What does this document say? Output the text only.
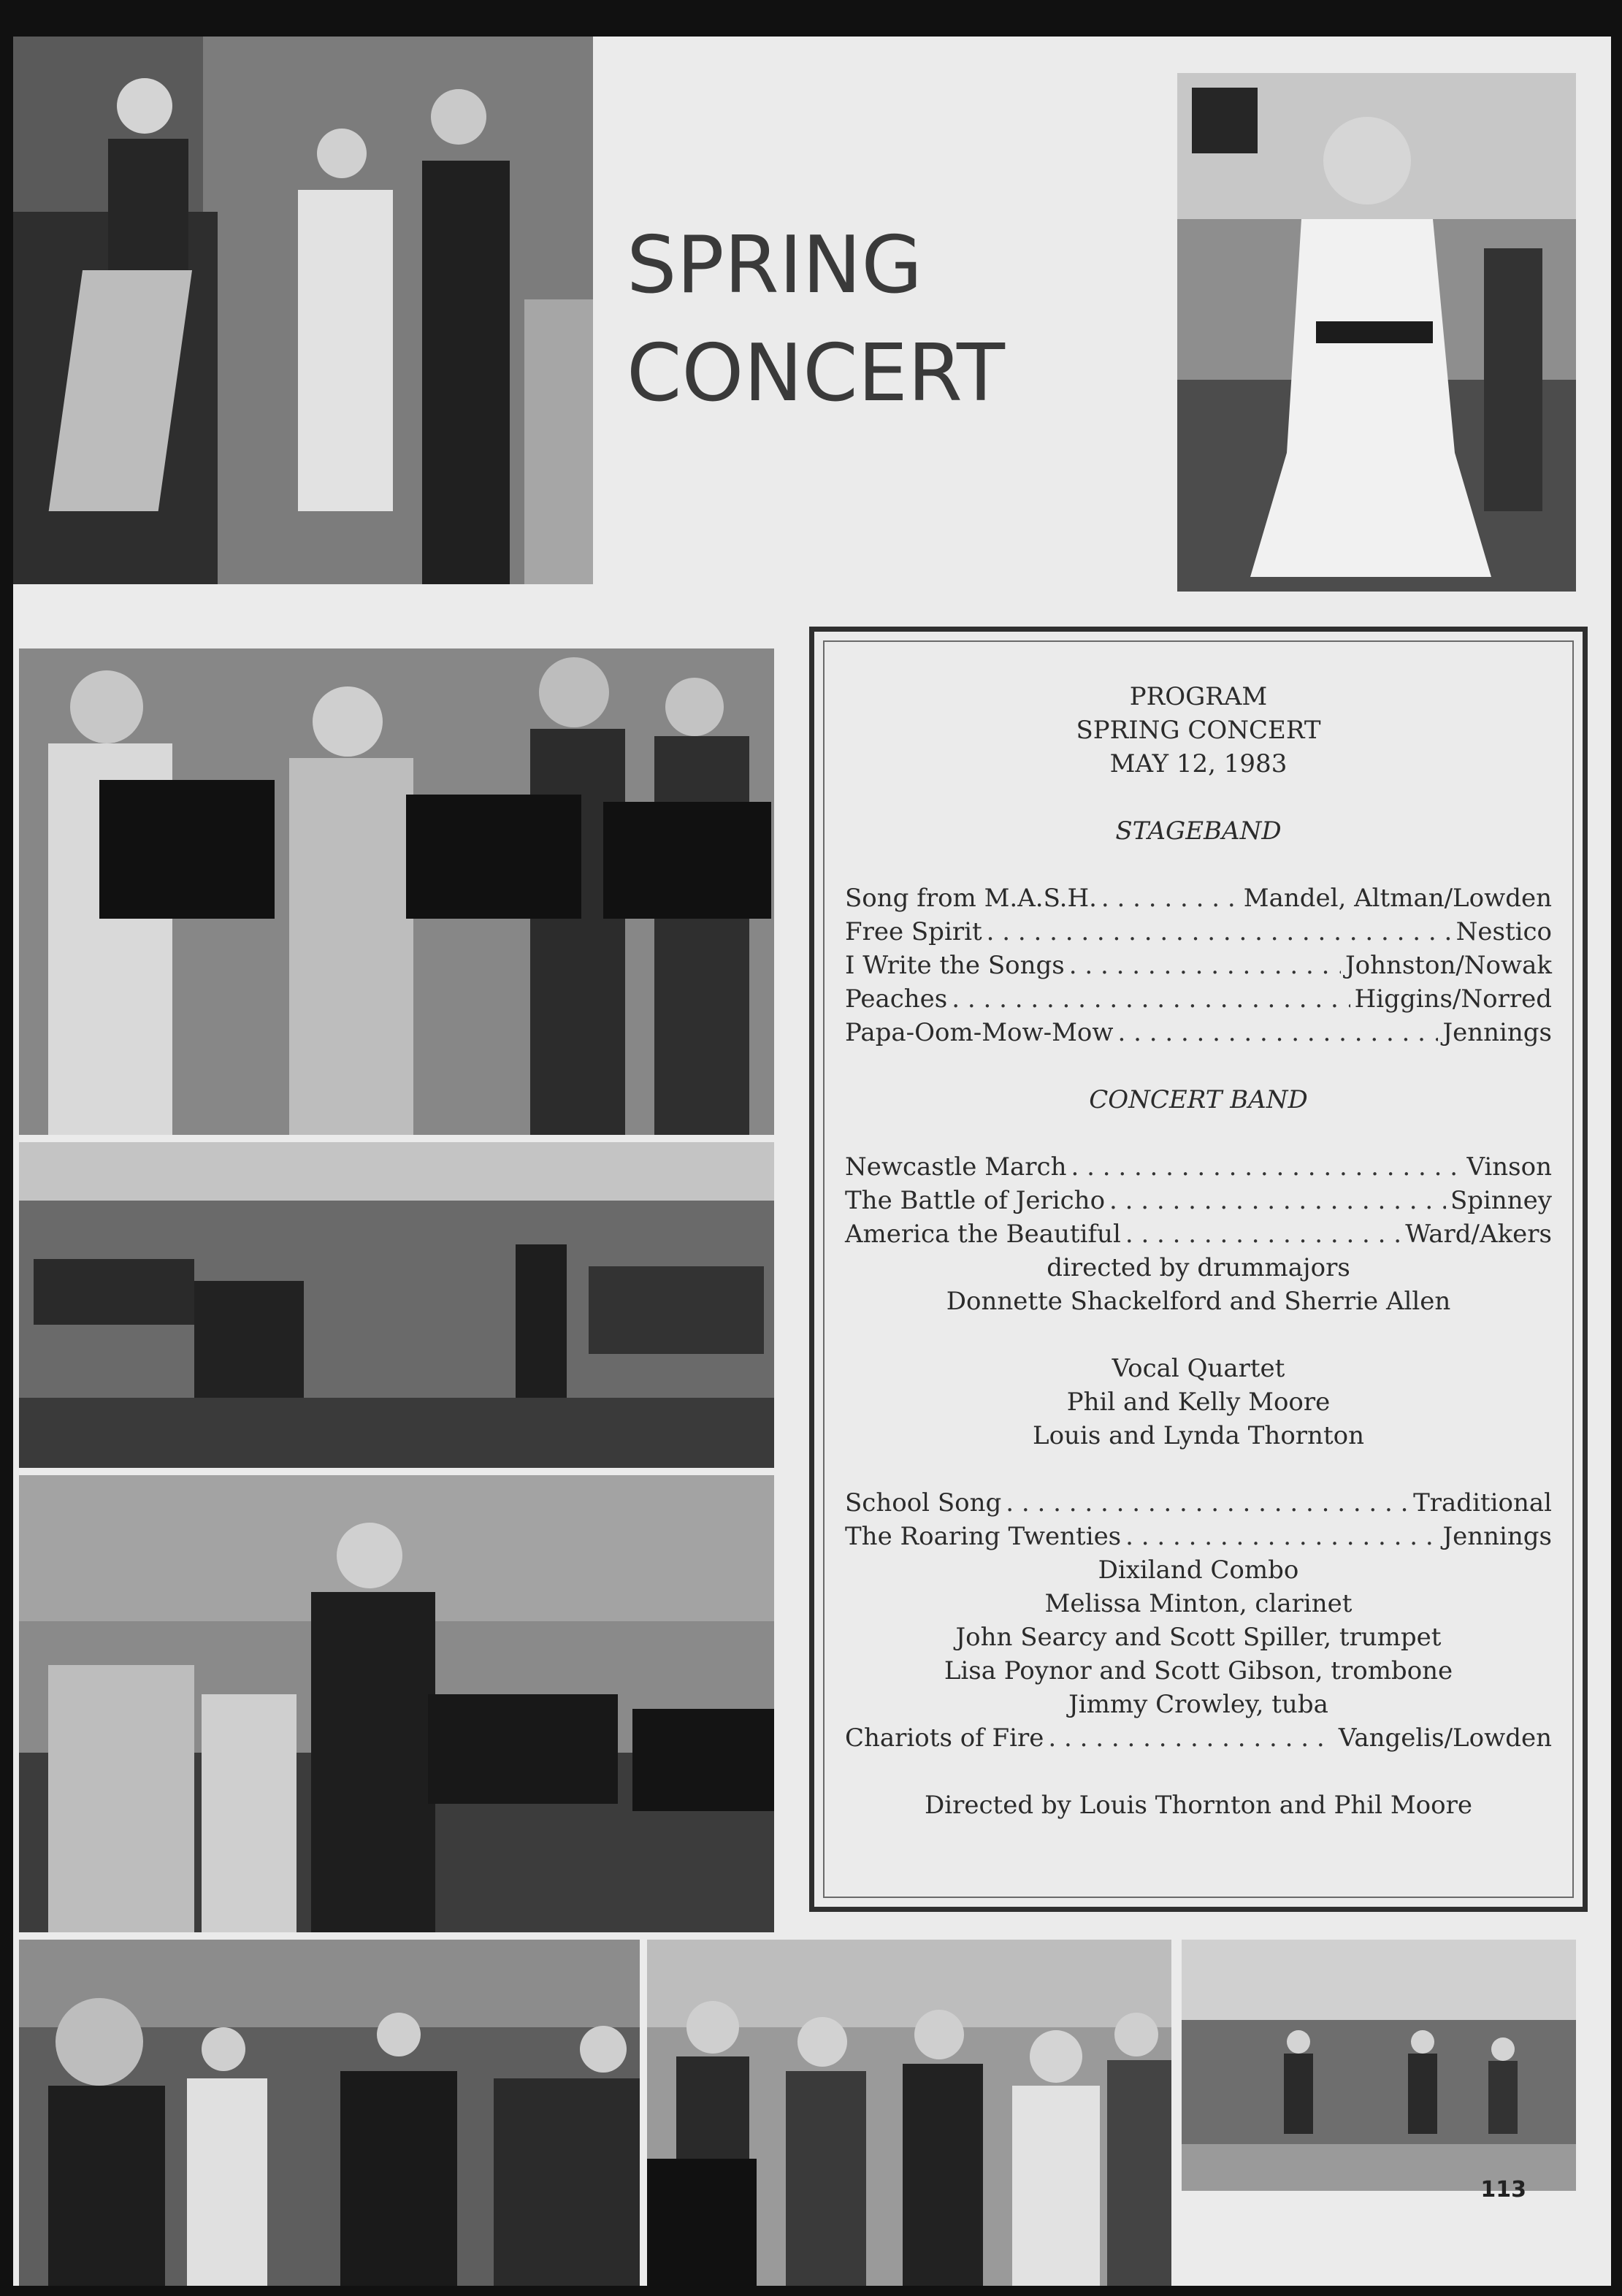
SPRING
CONCERT
PROGRAM
SPRING CONCERT
MAY 12, 1983
STAGEBAND
Song from M.A.S.H. . . .	Mandel, Altman/Lowden
Free Spirit . . .	Nestico
I Write the Songs . . .	Johnston/Nowak
Peaches . . .	Higgins/Norred
Papa-Oom-Mow-Mow . . .	Jennings
CONCERT BAND
Newcastle March . . .	Vinson
The Battle of Jericho . . .	Spinney
America the Beautiful . . .	Ward/Akers
directed by drummajors
Donnette Shackelford and Sherrie Allen
Vocal Quartet
Phil and Kelly Moore
Louis and Lynda Thornton
School Song . . .	Traditional
The Roaring Twenties . . .	Jennings
Dixiland Combo
Melissa Minton, clarinet
John Searcy and Scott Spiller, trumpet
Lisa Poynor and Scott Gibson, trombone
Jimmy Crowley, tuba
Chariots of Fire . . .	Vangelis/Lowden
Directed by Louis Thornton and Phil Moore
113
